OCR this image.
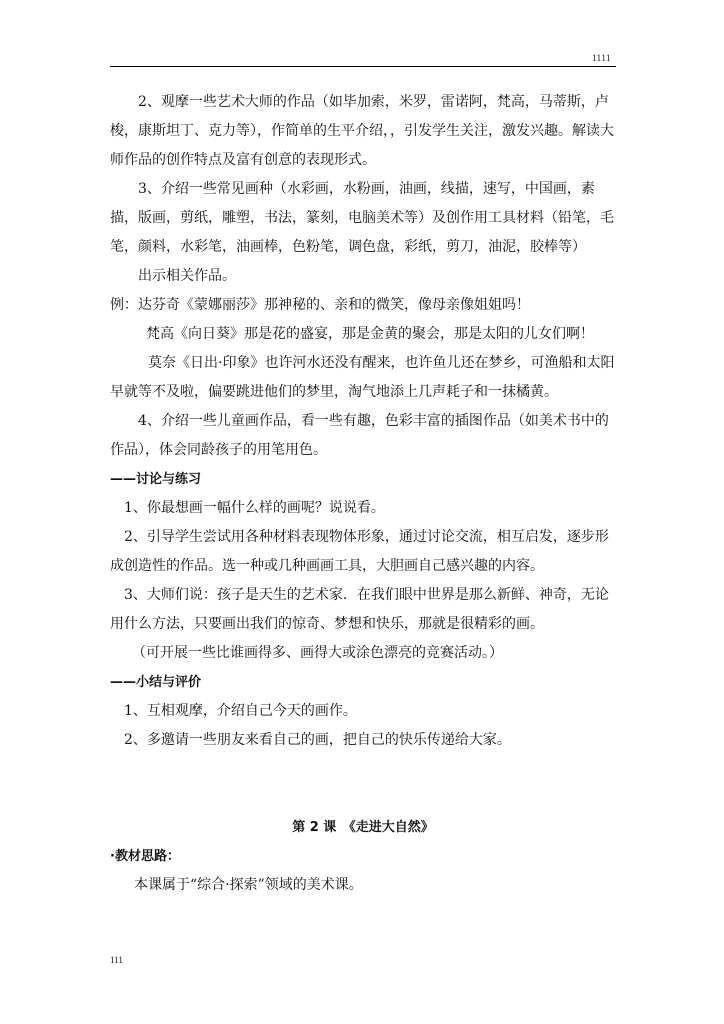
1111

2、观摩一些艺术大师的作品（如毕加索，米罗，雷诺阿，梵高，马蒂斯，卢梭，康斯坦丁、克力等），作简单的生平介绍，，引发学生关注，激发兴趣。解读大师作品的创作特点及富有创意的表现形式。

3、介绍一些常见画种（水彩画，水粉画，油画，线描，速写，中国画，素描，版画，剪纸，雕塑，书法，篆刻，电脑美术等）及创作用工具材料（铅笔，毛笔，颜料，水彩笔，油画棒，色粉笔，调色盘，彩纸，剪刀，油泥，胶棒等）

出示相关作品。

例：达芬奇《蒙娜丽莎》那神秘的、亲和的微笑，像母亲像姐姐吗！

梵高《向日葵》那是花的盛宴，那是金黄的聚会，那是太阳的儿女们啊！

莫奈《日出·印象》也许河水还没有醒来，也许鱼儿还在梦乡，可渔船和太阳早就等不及啦，偏要跳进他们的梦里，淘气地添上几声耗子和一抹橘黄。

4、介绍一些儿童画作品，看一些有趣，色彩丰富的插图作品（如美术书中的作品），体会同龄孩子的用笔用色。

——讨论与练习

1、你最想画一幅什么样的画呢？说说看。

2、引导学生尝试用各种材料表现物体形象，通过讨论交流，相互启发，逐步形成创造性的作品。选一种或几种画画工具，大胆画自己感兴趣的内容。

3、大师们说：孩子是天生的艺术家．在我们眼中世界是那么新鲜、神奇，无论用什么方法，只要画出我们的惊奇、梦想和快乐，那就是很精彩的画。

（可开展一些比谁画得多、画得大或涂色漂亮的竞赛活动。）

——小结与评价

1、互相观摩，介绍自己今天的画作。

2、多邀请一些朋友来看自己的画，把自己的快乐传递给大家。

第 2 课　《走进大自然》

·教材思路：

本课属于“综合·探索”领域的美术课。

111
